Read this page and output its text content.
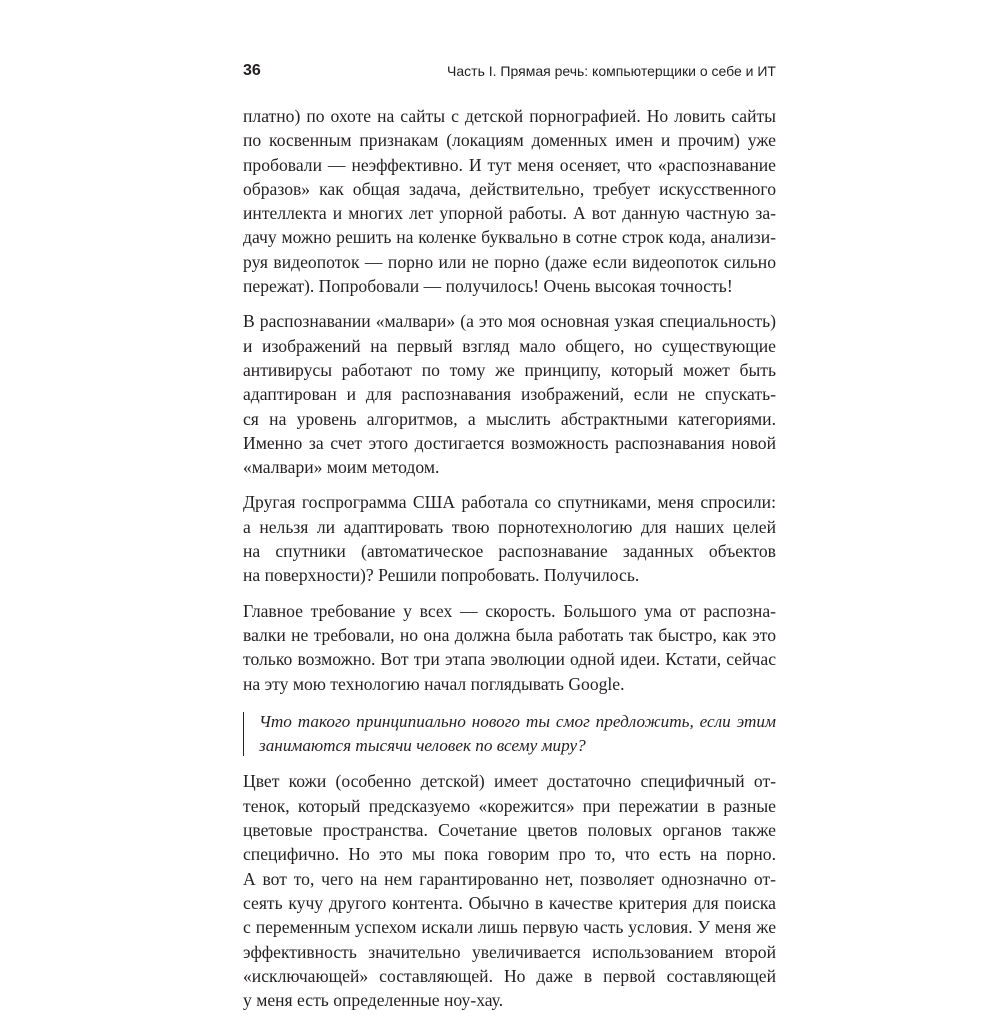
36	Часть I. Прямая речь: компьютерщики о себе и ИТ

платно) по охоте на сайты с детской порнографией. Но ловить сайты
по косвенным признакам (локациям доменных имен и прочим) уже
пробовали — неэффективно. И тут меня осеняет, что «распознавание
образов» как общая задача, действительно, требует искусственного
интеллекта и многих лет упорной работы. А вот данную частную за-
дачу можно решить на коленке буквально в сотне строк кода, анализи-
руя видеопоток — порно или не порно (даже если видеопоток сильно
пережат). Попробовали — получилось! Очень высокая точность!

В распознавании «малвари» (а это моя основная узкая специальность)
и изображений на первый взгляд мало общего, но существующие
антивирусы работают по тому же принципу, который может быть
адаптирован и для распознавания изображений, если не спускать-
ся на уровень алгоритмов, а мыслить абстрактными категориями.
Именно за счет этого достигается возможность распознавания новой
«малвари» моим методом.

Другая госпрограмма США работала со спутниками, меня спросили:
а нельзя ли адаптировать твою порнотехнологию для наших целей
на спутники (автоматическое распознавание заданных объектов
на поверхности)? Решили попробовать. Получилось.

Главное требование у всех — скорость. Большого ума от распозна-
валки не требовали, но она должна была работать так быстро, как это
только возможно. Вот три этапа эволюции одной идеи. Кстати, сейчас
на эту мою технологию начал поглядывать Google.

Что такого принципиально нового ты смог предложить, если этим
занимаются тысячи человек по всему миру?

Цвет кожи (особенно детской) имеет достаточно специфичный от-
тенок, который предсказуемо «корежится» при пережатии в разные
цветовые пространства. Сочетание цветов половых органов также
специфично. Но это мы пока говорим про то, что есть на порно.
А вот то, чего на нем гарантированно нет, позволяет однозначно от-
сеять кучу другого контента. Обычно в качестве критерия для поиска
с переменным успехом искали лишь первую часть условия. У меня же
эффективность значительно увеличивается использованием второй
«исключающей» составляющей. Но даже в первой составляющей
у меня есть определенные ноу-хау.
